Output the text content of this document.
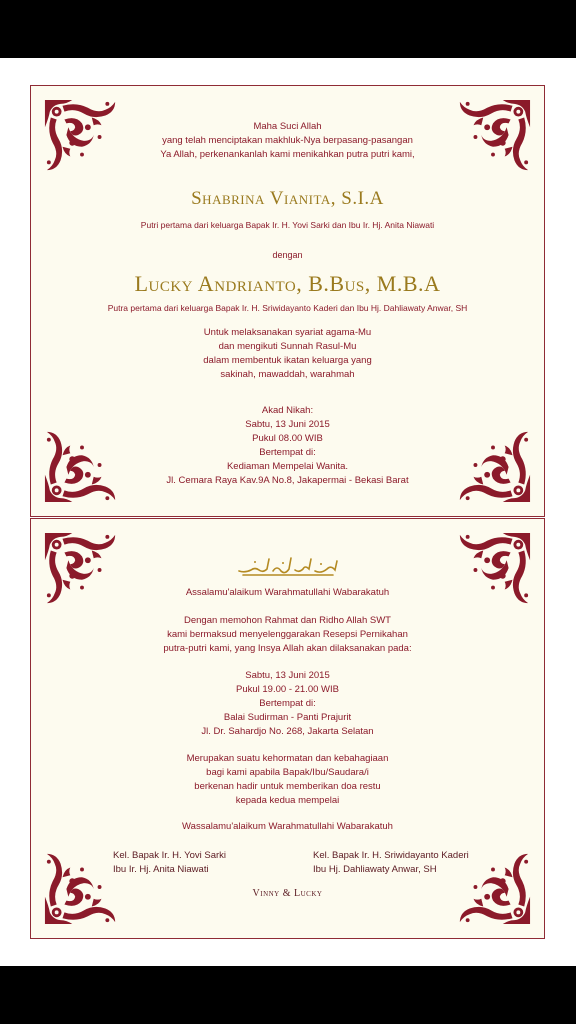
Maha Suci Allah
yang telah menciptakan makhluk-Nya berpasang-pasangan
Ya Allah, perkenankanlah kami menikahkan putra putri kami,
Shabrina Vianita, S.I.A
Putri pertama dari keluarga Bapak Ir. H. Yovi Sarki dan Ibu Ir. Hj. Anita Niawati
dengan
Lucky Andrianto, B.Bus, M.B.A
Putra pertama dari keluarga Bapak Ir. H. Sriwidayanto Kaderi dan Ibu Hj. Dahliawaty Anwar, SH
Untuk melaksanakan syariat agama-Mu
dan mengikuti Sunnah Rasul-Mu
dalam membentuk ikatan keluarga yang
sakinah, mawaddah, warahmah
Akad Nikah:
Sabtu, 13 Juni 2015
Pukul 08.00 WIB
Bertempat di:
Kediaman Mempelai Wanita.
Jl. Cemara Raya Kav.9A No.8, Jakapermai - Bekasi Barat
Assalamu'alaikum Warahmatullahi Wabarakatuh
Dengan memohon Rahmat dan Ridho Allah SWT
kami bermaksud menyelenggarakan Resepsi Pernikahan
putra-putri kami, yang Insya Allah akan dilaksanakan pada:
Sabtu, 13 Juni 2015
Pukul 19.00 - 21.00 WIB
Bertempat di:
Balai Sudirman - Panti Prajurit
Jl. Dr. Sahardjo No. 268, Jakarta Selatan
Merupakan suatu kehormatan dan kebahagiaan
bagi kami apabila Bapak/Ibu/Saudara/i
berkenan hadir untuk memberikan doa restu
kepada kedua mempelai
Wassalamu'alaikum Warahmatullahi Wabarakatuh
Kel. Bapak Ir. H. Yovi Sarki
Ibu Ir. Hj. Anita Niawati
Kel. Bapak Ir. H. Sriwidayanto Kaderi
Ibu Hj. Dahliawaty Anwar, SH
Vinny & Lucky
